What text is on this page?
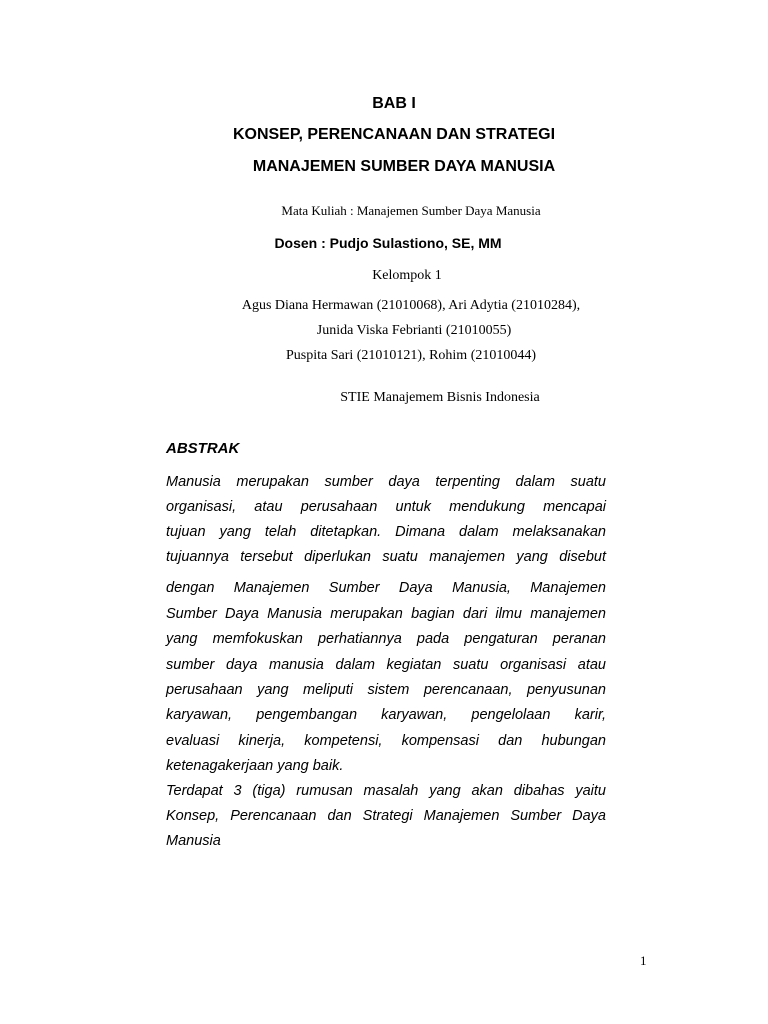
BAB I
KONSEP, PERENCANAAN DAN STRATEGI
MANAJEMEN SUMBER DAYA MANUSIA
Mata Kuliah : Manajemen Sumber Daya Manusia
Dosen : Pudjo Sulastiono, SE, MM
Kelompok 1
Agus Diana Hermawan (21010068), Ari Adytia (21010284),
Junida Viska Febrianti (21010055)
Puspita Sari (21010121), Rohim (21010044)
STIE Manajemem Bisnis Indonesia
ABSTRAK
Manusia merupakan sumber daya terpenting dalam suatu
organisasi, atau perusahaan untuk mendukung mencapai
tujuan yang telah ditetapkan. Dimana dalam melaksanakan
tujuannya tersebut diperlukan suatu manajemen yang disebut
dengan Manajemen Sumber Daya Manusia, Manajemen
Sumber Daya Manusia merupakan bagian dari ilmu manajemen
yang memfokuskan perhatiannya pada pengaturan peranan
sumber daya manusia dalam kegiatan suatu organisasi atau
perusahaan yang meliputi sistem perencanaan, penyusunan
karyawan, pengembangan karyawan, pengelolaan karir,
evaluasi kinerja, kompetensi, kompensasi dan hubungan
ketenagakerjaan yang baik.
Terdapat 3 (tiga) rumusan masalah yang akan dibahas yaitu
Konsep, Perencanaan dan Strategi Manajemen Sumber Daya
Manusia
1
